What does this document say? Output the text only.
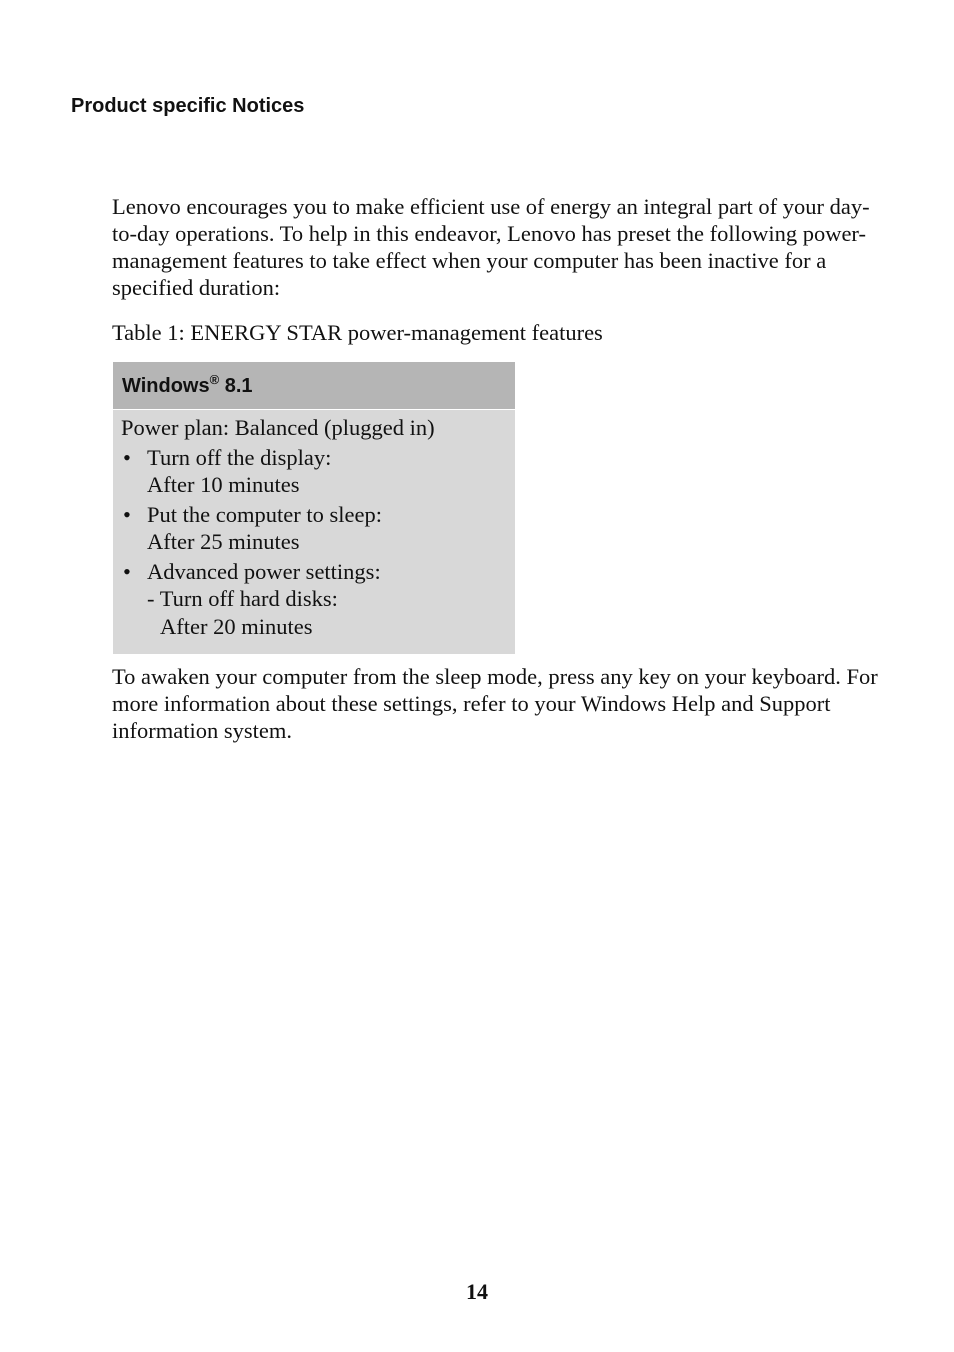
Product specific Notices

Lenovo encourages you to make efficient use of energy an integral part of your day-to-day operations. To help in this endeavor, Lenovo has preset the following power-management features to take effect when your computer has been inactive for a specified duration:

Table 1: ENERGY STAR power-management features

Windows® 8.1
Power plan: Balanced (plugged in)
• Turn off the display:
After 10 minutes
• Put the computer to sleep:
After 25 minutes
• Advanced power settings:
- Turn off hard disks:
After 20 minutes

To awaken your computer from the sleep mode, press any key on your keyboard. For more information about these settings, refer to your Windows Help and Support information system.

14
